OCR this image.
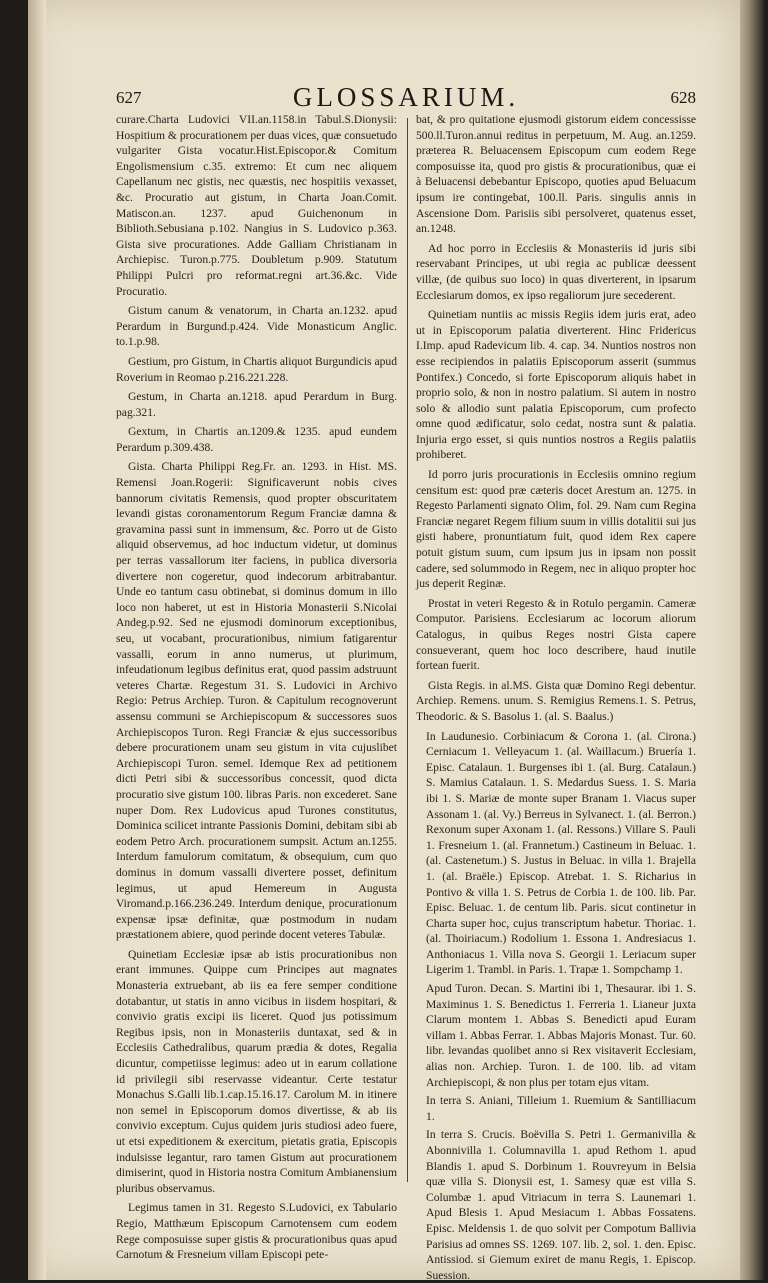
627	GLOSSARIUM.	628

curare.Charta Ludovici VII.an.1158.in Tabul.S.Dionysii: Hospitium & procurationem per duas vices, quæ consuetudo vulgariter Gista vocatur.Hist.Episcopor.& Comitum Engolismensium c.35. extremo: Et cum nec aliquem Capellanum nec gistis, nec quæstis, nec hospitiis vexasset, &c. Procuratio aut gistum, in Charta Joan.Comit. Matiscon.an. 1237. apud Guichenonum in Biblioth.Sebusiana p.102. Nangius in S. Ludovico p.363. Gista sive procurationes. Adde Galliam Christianam in Archiepisc. Turon.p.775. Doubletum p.909. Statutum Philippi Pulcri pro reformat.regni art.36.&c. Vide Procuratio.

Gistum canum & venatorum, in Charta an.1232. apud Perardum in Burgund.p.424. Vide Monasticum Anglic. to.1.p.98.

Gestium, pro Gistum, in Chartis aliquot Burgundicis apud Roverium in Reomao p.216.221.228.

Gestum, in Charta an.1218. apud Perardum in Burg. pag.321.

Gextum, in Chartis an.1209.& 1235. apud eundem Perardum p.309.438.

Gista. Charta Philippi Reg.Fr. an. 1293. in Hist. MS. Remensi Joan.Rogerii: Significaverunt nobis cives bannorum civitatis Remensis, quod propter obscuritatem levandi gistas coronamentorum Regum Franciæ damna & gravamina passi sunt in immensum, &c. Porro ut de Gisto aliquid observemus, ad hoc inductum videtur, ut dominus per terras vassallorum iter faciens, in publica diversoria divertere non cogeretur, quod indecorum arbitrabantur. Unde eo tantum casu obtinebat, si dominus domum in illo loco non haberet, ut est in Historia Monasterii S.Nicolai Andeg.p.92. Sed ne ejusmodi dominorum exceptionibus, seu, ut vocabant, procurationibus, nimium fatigarentur vassalli, eorum in anno numerus, ut plurimum, infeudationum legibus definitus erat, quod passim adstruunt veteres Chartæ. Regestum 31. S. Ludovici in Archivo Regio: Petrus Archiep. Turon. & Capitulum recognoverunt assensu communi se Archiepiscopum & successores suos Archiepiscopos Turon. Regi Franciæ & ejus successoribus debere procurationem unam seu gistum in vita cujuslibet Archiepiscopi Turon. semel. Idemque Rex ad petitionem dicti Petri sibi & successoribus concessit, quod dicta procuratio sive gistum 100. libras Paris. non excederet. Sane nuper Dom. Rex Ludovicus apud Turones constitutus, Dominica scilicet intrante Passionis Domini, debitam sibi ab eodem Petro Arch. procurationem sumpsit. Actum an.1255. Interdum famulorum comitatum, & obsequium, cum quo dominus in domum vassalli divertere posset, definitum legimus, ut apud Hemereum in Augusta Viromand.p.166.236.249. Interdum denique, procurationum expensæ ipsæ definitæ, quæ postmodum in nudam præstationem abiere, quod perinde docent veteres Tabulæ.

Quinetiam Ecclesiæ ipsæ ab istis procurationibus non erant immunes. Quippe cum Principes aut magnates Monasteria extruebant, ab iis ea fere semper conditione dotabantur, ut statis in anno vicibus in iisdem hospitari, & convivio gratis excipi iis liceret. Quod jus potissimum Regibus ipsis, non in Monasteriis duntaxat, sed & in Ecclesiis Cathedralibus, quarum prædia & dotes, Regalia dicuntur, competiisse legimus: adeo ut in earum collatione id privilegii sibi reservasse videantur. Certe testatur Monachus S.Galli lib.1.cap.15.16.17. Carolum M. in itinere non semel in Episcoporum domos divertisse, & ab iis convivio exceptum. Cujus quidem juris studiosi adeo fuere, ut etsi expeditionem & exercitum, pietatis gratia, Episcopis indulsisse legantur, raro tamen Gistum aut procurationem dimiserint, quod in Historia nostra Comitum Ambianensium pluribus observamus.

Legimus tamen in 31. Regesto S.Ludovici, ex Tabulario Regio, Matthæum Episcopum Carnotensem cum eodem Rege composuisse super gistis & procurationibus quas apud Carnotum & Fresneium villam Episcopi pete-

bat, & pro quitatione ejusmodi gistorum eidem concessisse 500.ll.Turon.annui reditus in perpetuum, M. Aug. an.1259. præterea R. Beluacensem Episcopum cum eodem Rege composuisse ita, quod pro gistis & procurationibus, quæ ei à Beluacensi debebantur Episcopo, quoties apud Beluacum ipsum ire contingebat, 100.ll. Paris. singulis annis in Ascensione Dom. Parisiis sibi persolveret, quatenus esset, an.1248.

Ad hoc porro in Ecclesiis & Monasteriis id juris sibi reservabant Principes, ut ubi regia ac publicæ deessent villæ, (de quibus suo loco) in quas diverterent, in ipsarum Ecclesiarum domos, ex ipso regaliorum jure secederent.

Quinetiam nuntiis ac missis Regiis idem juris erat, adeo ut in Episcoporum palatia diverterent. Hinc Fridericus I.Imp. apud Radevicum lib. 4. cap. 34. Nuntios nostros non esse recipiendos in palatiis Episcoporum asserit (summus Pontifex.) Concedo, si forte Episcoporum aliquis habet in proprio solo, & non in nostro palatium. Si autem in nostro solo & allodio sunt palatia Episcoporum, cum profecto omne quod ædificatur, solo cedat, nostra sunt & palatia. Injuria ergo esset, si quis nuntios nostros a Regiis palatiis prohiberet.

Id porro juris procurationis in Ecclesiis omnino regium censitum est: quod præ cæteris docet Arestum an. 1275. in Regesto Parlamenti signato Olim, fol. 29. Nam cum Regina Franciæ negaret Regem filium suum in villis dotalitii sui jus gisti habere, pronuntiatum fuit, quod idem Rex capere potuit gistum suum, cum ipsum jus in ipsam non possit cadere, sed solummodo in Regem, nec in aliquo propter hoc jus deperit Reginæ.

Prostat in veteri Regesto & in Rotulo pergamin. Cameræ Computor. Parisiens. Ecclesiarum ac locorum aliorum Catalogus, in quibus Reges nostri Gista capere consueverant, quem hoc loco describere, haud inutile fortean fuerit.

Gista Regis. in al.MS. Gista quæ Domino Regi debentur. Archiep. Remens. unum. S. Remigius Remens.1. S. Petrus, Theodoric. & S. Basolus 1. (al. S. Baalus.)

In Laudunesio. Corbiniacum & Corona 1. (al. Cirona.) Cerniacum 1. Velleyacum 1. (al. Waillacum.) Bruería 1. Episc. Catalaun. 1. Burgenses ibi 1. (al. Burg. Catalaun.) S. Mamius Catalaun. 1. S. Medardus Suess. 1. S. Maria ibi 1. S. Mariæ de monte super Branam 1. Viacus super Assonam 1. (al. Vy.) Berreus in Sylvanect. 1. (al. Berron.) Rexonum super Axonam 1. (al. Ressons.) Villare S. Pauli 1. Fresneium 1. (al. Frannetum.) Castineum in Beluac. 1. (al. Castenetum.) S. Justus in Beluac. in villa 1. Brajella 1. (al. Braële.) Episcop. Atrebat. 1. S. Richarius in Pontivo & villa 1. S. Petrus de Corbia 1. de 100. lib. Par. Episc. Beluac. 1. de centum lib. Paris. sicut continetur in Charta super hoc, cujus transcriptum habetur. Thoriac. 1. (al. Thoiriacum.) Rodolium 1. Essona 1. Andresiacus 1. Anthoniacus 1. Villa nova S. Georgii 1. Leriacum super Ligerim 1. Trambl. in Paris. 1. Trapæ 1. Sompchamp 1.

Apud Turon. Decan. S. Martini ibi 1, Thesaurar. ibi 1. S. Maximinus 1. S. Benedictus 1. Ferreria 1. Lianeur juxta Clarum montem 1. Abbas S. Benedicti apud Euram villam 1. Abbas Ferrar. 1. Abbas Majoris Monast. Tur. 60. libr. levandas quolibet anno si Rex visitaverit Ecclesiam, alias non. Archiep. Turon. 1. de 100. lib. ad vitam Archiepiscopi, & non plus per totam ejus vitam.

In terra S. Aniani, Tilleium 1. Ruemium & Santilliacum 1.

In terra S. Crucis. Boëvilla S. Petri 1. Germanivilla & Abonnivilla 1. Columnavilla 1. apud Rethom 1. apud Blandis 1. apud S. Dorbinum 1. Rouvreyum in Belsia quæ villa S. Dionysii est, 1. Samesy quæ est villa S. Columbæ 1. apud Vitriacum in terra S. Launemari 1. Apud Blesis 1. Apud Mesiacum 1. Abbas Fossatens. Episc. Meldensis 1. de quo solvit per Compotum Ballivia Parisius ad omnes SS. 1269. 107. lib. 2, sol. 1. den. Episc. Antissiod. si Giemum exiret de manu Regis, 1. Episcop. Suession.
